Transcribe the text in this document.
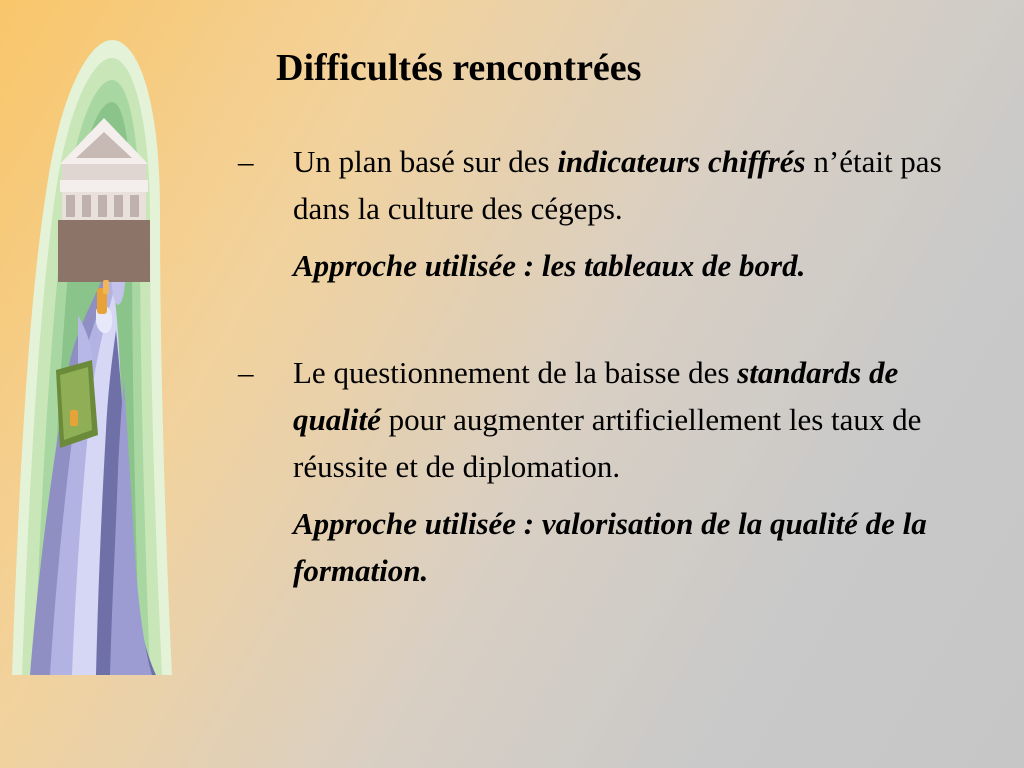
Difficultés rencontrées
–	Un plan basé sur des indicateurs chiffrés n’était pas dans la culture des cégeps.
Approche utilisée : les tableaux de bord.
–	Le questionnement de la baisse des standards de qualité pour augmenter artificiellement les taux de réussite et de diplomation.
Approche utilisée : valorisation de la qualité de la formation.
